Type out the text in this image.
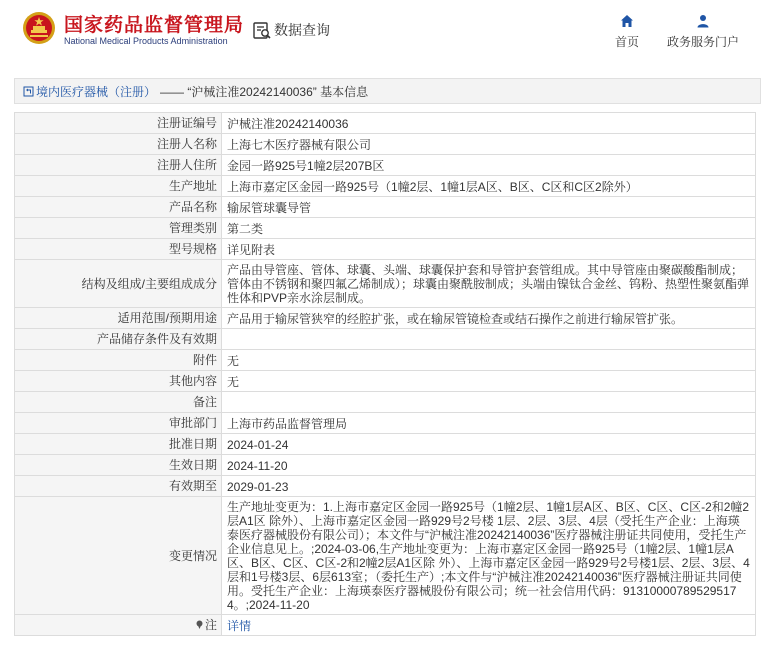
国家药品监督管理局
National Medical Products Administration
数据查询
首页 政务服务门户
境内医疗器械（注册） —— “沪械注准20242140036” 基本信息
注册证编号	沪械注准20242140036
注册人名称	上海七木医疗器械有限公司
注册人住所	金园一路925号1幢2层207B区
生产地址	上海市嘉定区金园一路925号（1幢2层、1幢1层A区、B区、C区和C区2除外）
产品名称	输尿管球囊导管
管理类别	第二类
型号规格	详见附表
结构及组成/主要组成成分	产品由导管座、管体、球囊、头端、球囊保护套和导管护套管组成。其中导管座由聚碳酸酯制成；管体由不锈钢和聚四氟乙烯制成）；球囊由聚酰胺制成；头端由镍钛合金丝、钨粉、热塑性聚氨酯弹性体和PVP亲水涂层制成。
适用范围/预期用途	产品用于输尿管狭窄的经腔扩张，或在输尿管镜检查或结石操作之前进行输尿管扩张。
产品储存条件及有效期	
附件	无
其他内容	无
备注	
审批部门	上海市药品监督管理局
批准日期	2024-01-24
生效日期	2024-11-20
有效期至	2029-01-23
变更情况	生产地址变更为：1.上海市嘉定区金园一路925号（1幢2层、1幢1层A区、B区、C区、C区-2和2幢2层A1区 除外）、上海市嘉定区金园一路929号2号楼 1层、2层、3层、4层（受托生产企业：上海瑛泰医疗器械股份有限公司）；本文件与“沪械注准20242140036”医疗器械注册证共同使用，受托生产企业信息见上。;2024-03-06,生产地址变更为：上海市嘉定区金园一路925号（1幢2层、1幢1层A区、B区、C区、C区-2和2幢2层A1区除 外）、上海市嘉定区金园一路929号2号楼1层、2层、3层、4层和1号楼3层、6层613室；（委托生产）;本文件与“沪械注准20242140036”医疗器械注册证共同使用。受托生产企业：上海瑛泰医疗器械股份有限公司；统一社会信用代码：913100007895295174。;2024-11-20

注	详情
